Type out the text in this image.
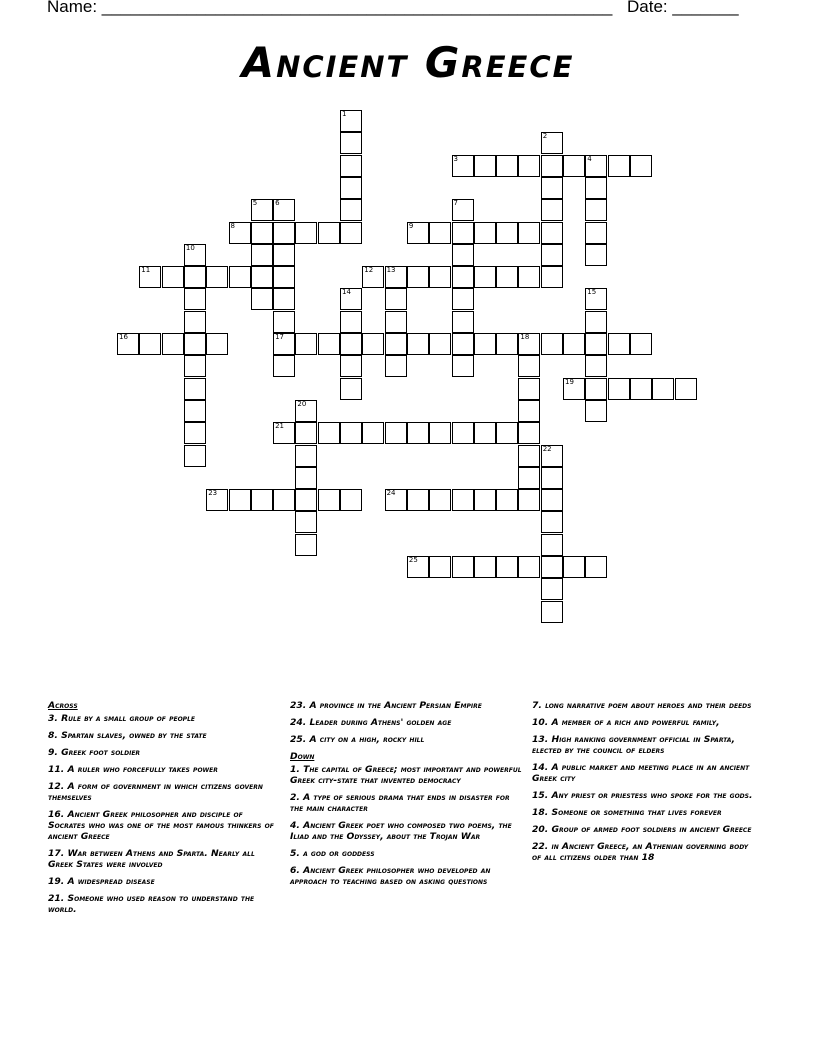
Name: ______________________________________________________ Date: _______
Ancient Greece
1
2
3	4
5	6
17
7
8	9
10
11	12 13
14	15
16	18
19
20
21
22
23	24
25
Across
3. Rule by a small group of people
8. Spartan slaves, owned by the state
9. Greek foot soldier
11. A ruler who forcefully takes power
12. A form of government in which citizens govern themselves
16. Ancient Greek philosopher and disciple of Socrates who was one of the most famous thinkers of ancient Greece
17. War between Athens and Sparta. Nearly all Greek States were involved
19. A widespread disease
21. Someone who used reason to understand the world.
23. A province in the Ancient Persian Empire
24. Leader during Athens' golden age
25. A city on a high, rocky hill
Down
1. The capital of Greece; most important and powerful Greek city-state that invented democracy
2. A type of serious drama that ends in disaster for the main character
4. Ancient Greek poet who composed two poems, the Iliad and the Odyssey, about the Trojan War
5. a god or goddess
6. Ancient Greek philosopher who developed an approach to teaching based on asking questions
7. long narrative poem about heroes and their deeds
10. A member of a rich and powerful family,
13. High ranking government official in Sparta, elected by the council of elders
14. A public market and meeting place in an ancient Greek city
15. Any priest or priestess who spoke for the gods.
18. Someone or something that lives forever
20. Group of armed foot soldiers in ancient Greece
22. in Ancient Greece, an Athenian governing body of all citizens older than 18
